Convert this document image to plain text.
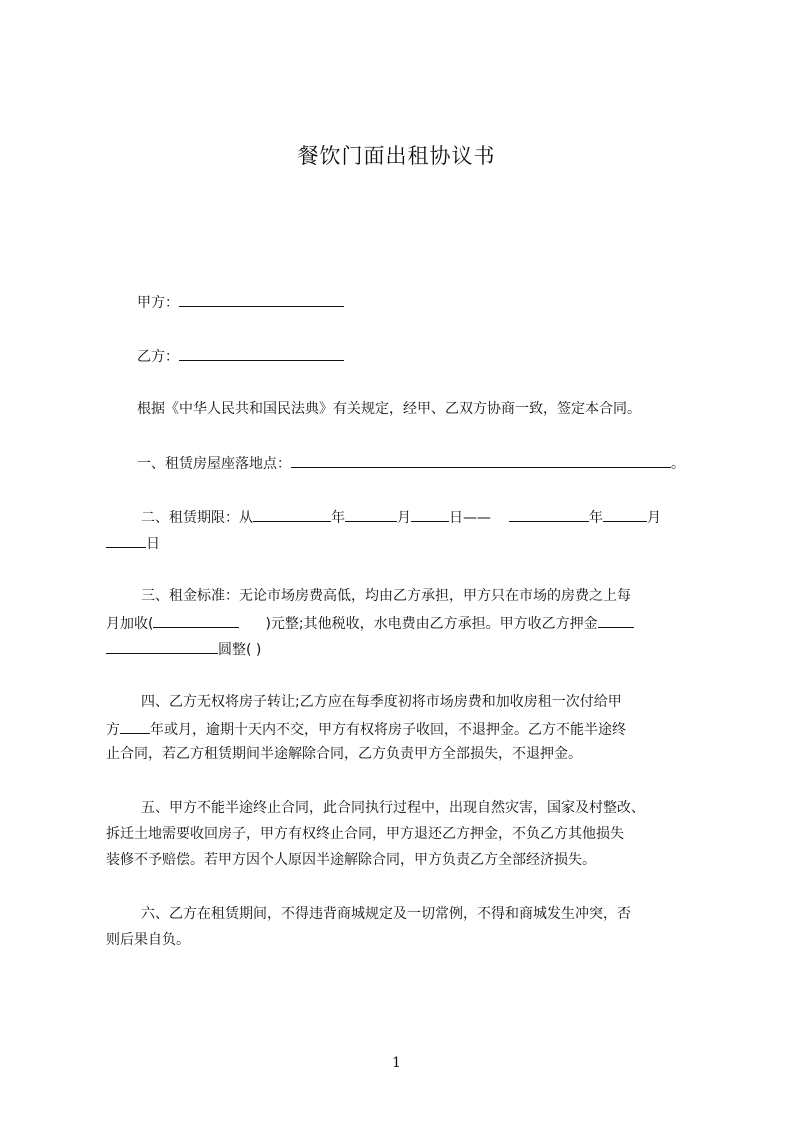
餐饮门面出租协议书
甲方：
乙方：
根据《中华人民共和国民法典》有关规定，经甲、乙双方协商一致，签定本合同。
一、租赁房屋座落地点：	。
二、租赁期限：从	年	月	日——	年	月
日
三、租金标准：无论市场房费高低，均由乙方承担，甲方只在市场的房费之上每
月加收(	)元整;其他税收，水电费由乙方承担。甲方收乙方押金
圆整( )
四、乙方无权将房子转让;乙方应在每季度初将市场房费和加收房租一次付给甲
方 年或月，逾期十天内不交，甲方有权将房子收回，不退押金。乙方不能半途终
止合同，若乙方租赁期间半途解除合同，乙方负责甲方全部损失，不退押金。
五、甲方不能半途终止合同，此合同执行过程中，出现自然灾害，国家及村整改、
拆迁土地需要收回房子，甲方有权终止合同，甲方退还乙方押金，不负乙方其他损失
装修不予赔偿。若甲方因个人原因半途解除合同，甲方负责乙方全部经济损失。
六、乙方在租赁期间，不得违背商城规定及一切常例，不得和商城发生冲突，否
则后果自负。
1
